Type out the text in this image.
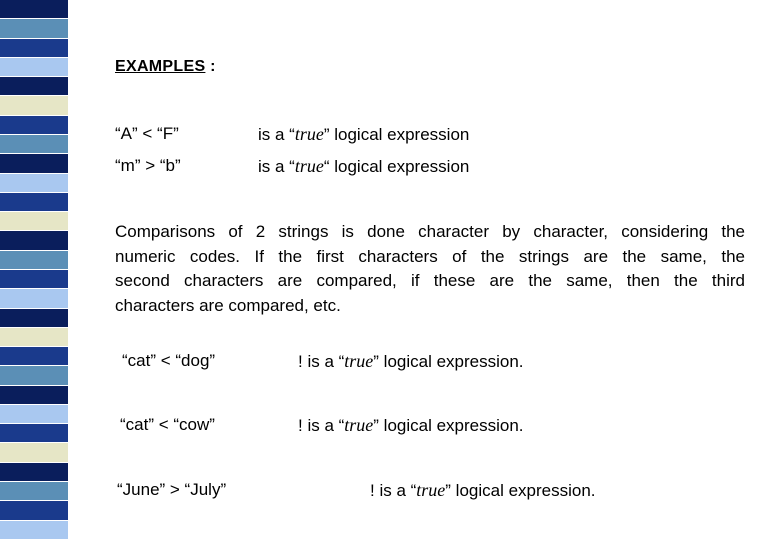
EXAMPLES :
“A” < “F”	is a “true” logical expression
“m” > “b”	is a “true“ logical expression
Comparisons of 2 strings is done character by character, considering the
numeric codes. If the first characters of the strings are the same, the
second characters are compared, if these are the same, then the third
characters are compared, etc.
“cat” < “dog”	! is a “true” logical expression.
“cat” < “cow”	! is a “true” logical expression.
“June” > “July”	! is a “true” logical expression.
